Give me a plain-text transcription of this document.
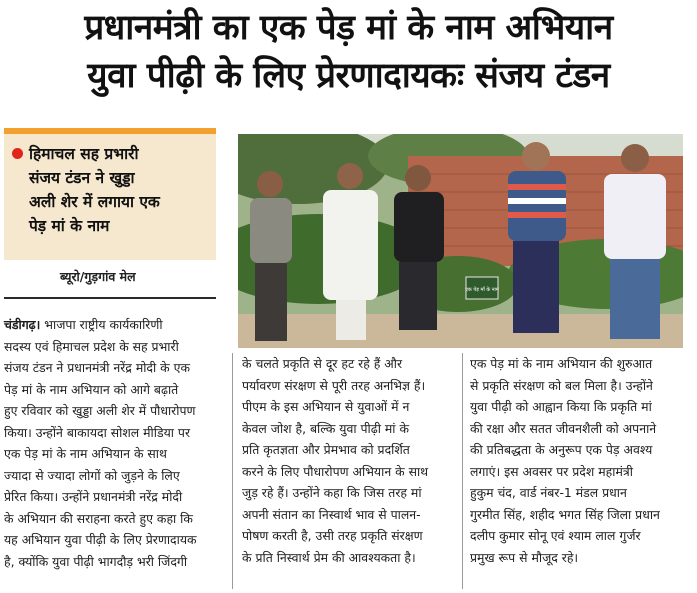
प्रधानमंत्री का एक पेड़ मां के नाम अभियान
युवा पीढ़ी के लिए प्रेरणादायकः संजय टंडन
हिमाचल सह प्रभारी
संजय टंडन ने खुड्डा
अली शेर में लगाया एक
पेड़ मां के नाम
ब्यूरो/गुड़गांव मेल
एक पेड़ माँ के नाम
चंडीगढ़। भाजपा राष्ट्रीय कार्यकारिणी
सदस्य एवं हिमाचल प्रदेश के सह प्रभारी
संजय टंडन ने प्रधानमंत्री नरेंद्र मोदी के एक
पेड़ मां के नाम अभियान को आगे बढ़ाते
हुए रविवार को खुड्डा अली शेर में पौधारोपण
किया। उन्होंने बाकायदा सोशल मीडिया पर
एक पेड़ मां के नाम अभियान के साथ
ज्यादा से ज्यादा लोगों को जुड़ने के लिए
प्रेरित किया। उन्होंने प्रधानमंत्री नरेंद्र मोदी
के अभियान की सराहना करते हुए कहा कि
यह अभियान युवा पीढ़ी के लिए प्रेरणादायक
है, क्योंकि युवा पीढ़ी भागदौड़ भरी जिंदगी
के चलते प्रकृति से दूर हट रहे हैं और
पर्यावरण संरक्षण से पूरी तरह अनभिज्ञ हैं।
पीएम के इस अभियान से युवाओं में न
केवल जोश है, बल्कि युवा पीढ़ी मां के
प्रति कृतज्ञता और प्रेमभाव को प्रदर्शित
करने के लिए पौधारोपण अभियान के साथ
जुड़ रहे हैं। उन्होंने कहा कि जिस तरह मां
अपनी संतान का निस्वार्थ भाव से पालन-
पोषण करती है, उसी तरह प्रकृति संरक्षण
के प्रति निस्वार्थ प्रेम की आवश्यकता है।
एक पेड़ मां के नाम अभियान की शुरुआत
से प्रकृति संरक्षण को बल मिला है। उन्होंने
युवा पीढ़ी को आह्वान किया कि प्रकृति मां
की रक्षा और सतत जीवनशैली को अपनाने
की प्रतिबद्धता के अनुरूप एक पेड़ अवश्य
लगाएं। इस अवसर पर प्रदेश महामंत्री
हुकुम चंद, वार्ड नंबर-1 मंडल प्रधान
गुरमीत सिंह, शहीद भगत सिंह जिला प्रधान
दलीप कुमार सोनू एवं श्याम लाल गुर्जर
प्रमुख रूप से मौजूद रहे।
